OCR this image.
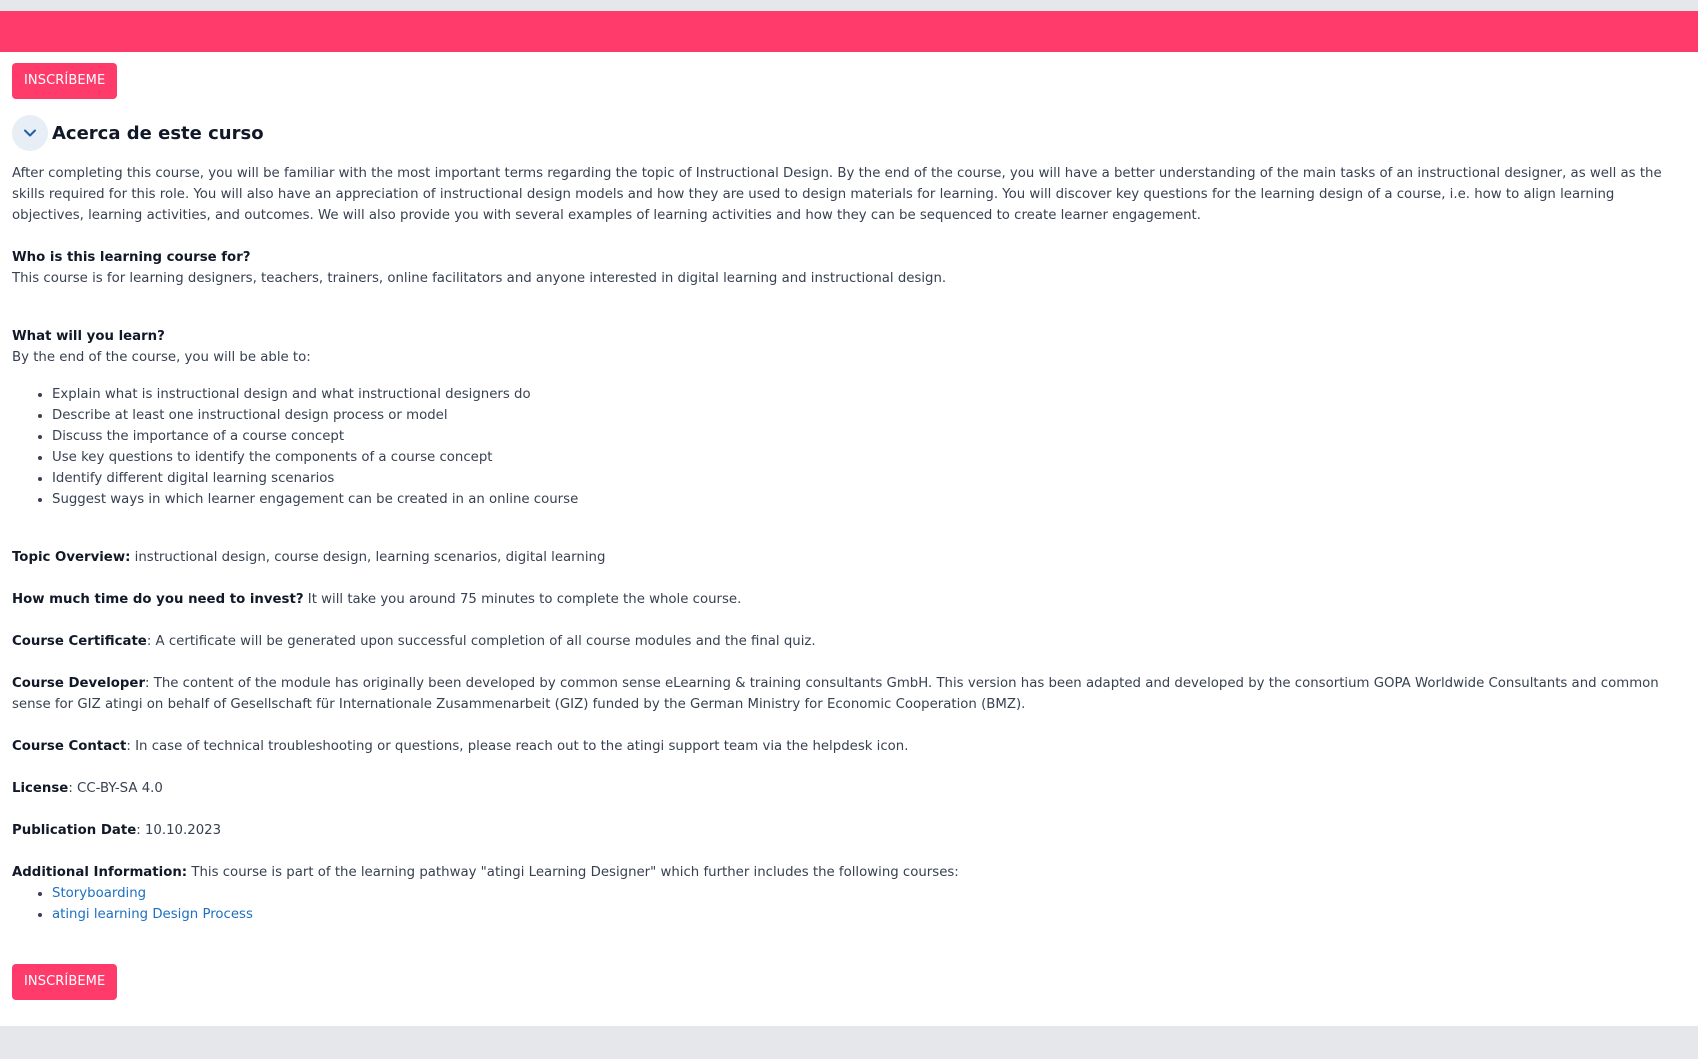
INSCRÍBEME
Acerca de este curso

After completing this course, you will be familiar with the most important terms regarding the topic of Instructional Design. By the end of the course, you will have a better understanding of the main tasks of an instructional designer, as well as the skills required for this role. You will also have an appreciation of instructional design models and how they are used to design materials for learning. You will discover key questions for the learning design of a course, i.e. how to align learning objectives, learning activities, and outcomes. We will also provide you with several examples of learning activities and how they can be sequenced to create learner engagement.

Who is this learning course for?

This course is for learning designers, teachers, trainers, online facilitators and anyone interested in digital learning and instructional design.

What will you learn?

By the end of the course, you will be able to:

• Explain what is instructional design and what instructional designers do
• Describe at least one instructional design process or model
• Discuss the importance of a course concept
• Use key questions to identify the components of a course concept
• Identify different digital learning scenarios
• Suggest ways in which learner engagement can be created in an online course

Topic Overview: instructional design, course design, learning scenarios, digital learning

How much time do you need to invest? It will take you around 75 minutes to complete the whole course.

Course Certificate: A certificate will be generated upon successful completion of all course modules and the final quiz.

Course Developer: The content of the module has originally been developed by common sense eLearning & training consultants GmbH. This version has been adapted and developed by the consortium GOPA Worldwide Consultants and common sense for GIZ atingi on behalf of Gesellschaft für Internationale Zusammenarbeit (GIZ) funded by the German Ministry for Economic Cooperation (BMZ).

Course Contact: In case of technical troubleshooting or questions, please reach out to the atingi support team via the helpdesk icon.

License: CC-BY-SA 4.0

Publication Date: 10.10.2023

Additional Information: This course is part of the learning pathway "atingi Learning Designer" which further includes the following courses:

• Storyboarding
• atingi learning Design Process
INSCRÍBEME
